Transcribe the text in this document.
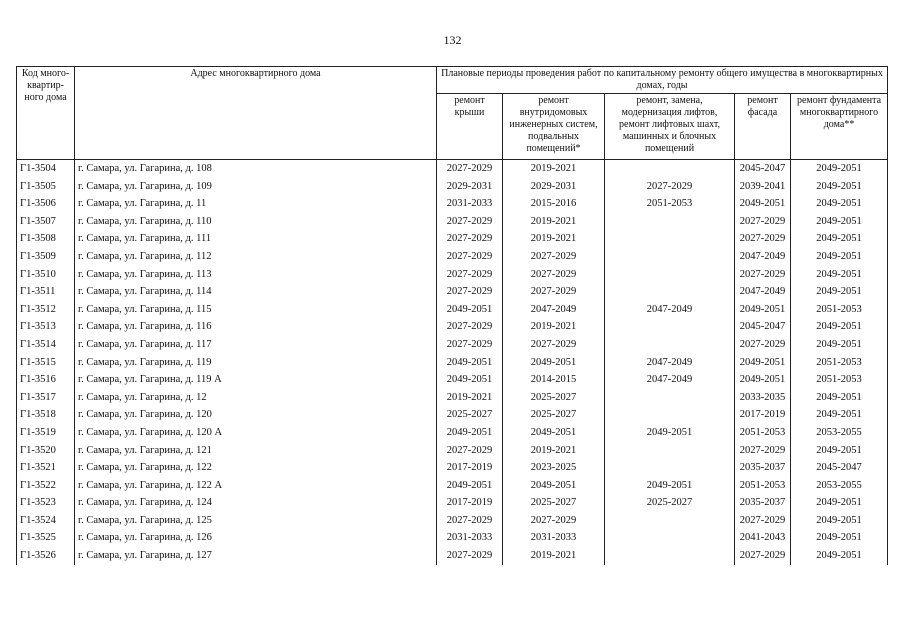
132
Код много-квартир-ного дома	Адрес многоквартирного дома	Плановые периоды проведения работ по капитальному ремонту общего имущества в многоквартирных домах, годы				
		ремонт крыши	ремонт внутридомовых инженерных систем, подвальных помещений*	ремонт, замена, модернизация лифтов, ремонт лифтовых шахт, машинных и блочных помещений	ремонт фасада	ремонт фундамента многоквартирного дома**
Г1-3504	г. Самара, ул. Гагарина, д. 108	2027-2029	2019-2021		2045-2047	2049-2051
Г1-3505	г. Самара, ул. Гагарина, д. 109	2029-2031	2029-2031	2027-2029	2039-2041	2049-2051
Г1-3506	г. Самара, ул. Гагарина, д. 11	2031-2033	2015-2016	2051-2053	2049-2051	2049-2051
Г1-3507	г. Самара, ул. Гагарина, д. 110	2027-2029	2019-2021		2027-2029	2049-2051
Г1-3508	г. Самара, ул. Гагарина, д. 111	2027-2029	2019-2021		2027-2029	2049-2051
Г1-3509	г. Самара, ул. Гагарина, д. 112	2027-2029	2027-2029		2047-2049	2049-2051
Г1-3510	г. Самара, ул. Гагарина, д. 113	2027-2029	2027-2029		2027-2029	2049-2051
Г1-3511	г. Самара, ул. Гагарина, д. 114	2027-2029	2027-2029		2047-2049	2049-2051
Г1-3512	г. Самара, ул. Гагарина, д. 115	2049-2051	2047-2049	2047-2049	2049-2051	2051-2053
Г1-3513	г. Самара, ул. Гагарина, д. 116	2027-2029	2019-2021		2045-2047	2049-2051
Г1-3514	г. Самара, ул. Гагарина, д. 117	2027-2029	2027-2029		2027-2029	2049-2051
Г1-3515	г. Самара, ул. Гагарина, д. 119	2049-2051	2049-2051	2047-2049	2049-2051	2051-2053
Г1-3516	г. Самара, ул. Гагарина, д. 119 А	2049-2051	2014-2015	2047-2049	2049-2051	2051-2053
Г1-3517	г. Самара, ул. Гагарина, д. 12	2019-2021	2025-2027		2033-2035	2049-2051
Г1-3518	г. Самара, ул. Гагарина, д. 120	2025-2027	2025-2027		2017-2019	2049-2051
Г1-3519	г. Самара, ул. Гагарина, д. 120 А	2049-2051	2049-2051	2049-2051	2051-2053	2053-2055
Г1-3520	г. Самара, ул. Гагарина, д. 121	2027-2029	2019-2021		2027-2029	2049-2051
Г1-3521	г. Самара, ул. Гагарина, д. 122	2017-2019	2023-2025		2035-2037	2045-2047
Г1-3522	г. Самара, ул. Гагарина, д. 122 А	2049-2051	2049-2051	2049-2051	2051-2053	2053-2055
Г1-3523	г. Самара, ул. Гагарина, д. 124	2017-2019	2025-2027	2025-2027	2035-2037	2049-2051
Г1-3524	г. Самара, ул. Гагарина, д. 125	2027-2029	2027-2029		2027-2029	2049-2051
Г1-3525	г. Самара, ул. Гагарина, д. 126	2031-2033	2031-2033		2041-2043	2049-2051
Г1-3526	г. Самара, ул. Гагарина, д. 127	2027-2029	2019-2021		2027-2029	2049-2051
